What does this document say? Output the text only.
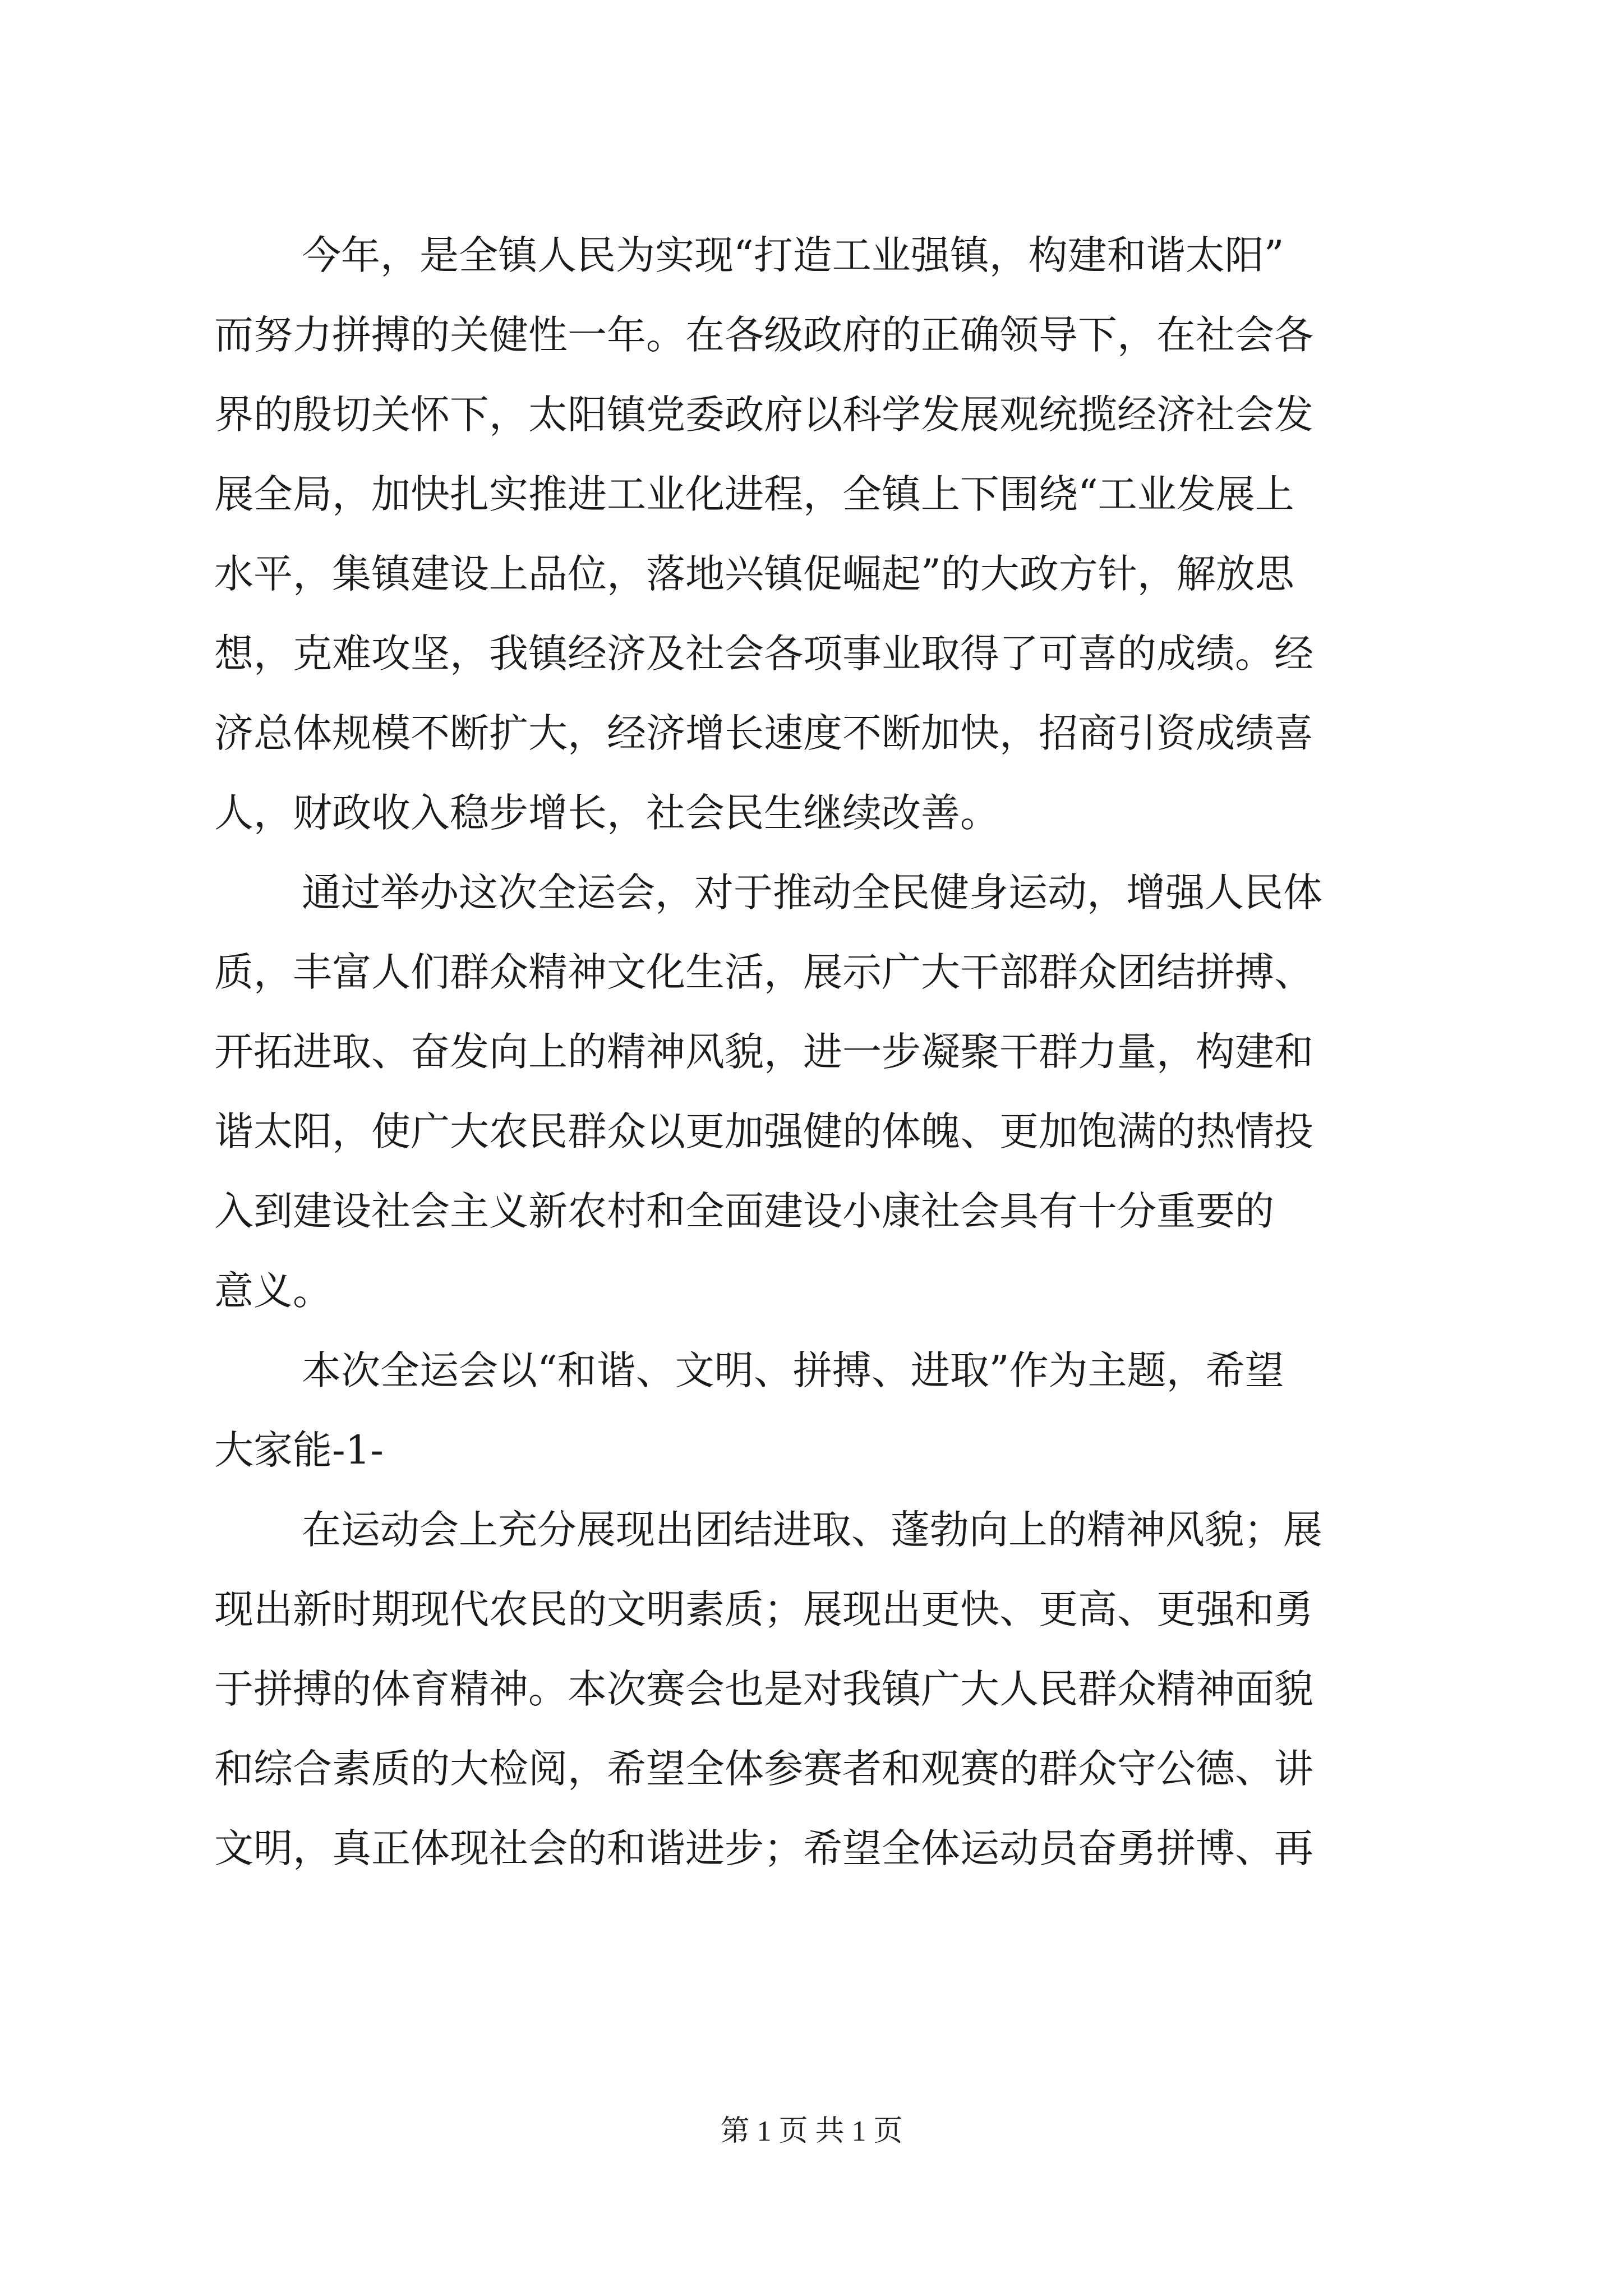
今年，是全镇人民为实现“打造工业强镇，构建和谐太阳”
而努力拼搏的关健性一年。在各级政府的正确领导下，在社会各
界的殷切关怀下，太阳镇党委政府以科学发展观统揽经济社会发
展全局，加快扎实推进工业化进程，全镇上下围绕“工业发展上
水平，集镇建设上品位，落地兴镇促崛起”的大政方针，解放思
想，克难攻坚，我镇经济及社会各项事业取得了可喜的成绩。经
济总体规模不断扩大，经济增长速度不断加快，招商引资成绩喜
人，财政收入稳步增长，社会民生继续改善。
通过举办这次全运会，对于推动全民健身运动，增强人民体
质，丰富人们群众精神文化生活，展示广大干部群众团结拼搏、
开拓进取、奋发向上的精神风貌，进一步凝聚干群力量，构建和
谐太阳，使广大农民群众以更加强健的体魄、更加饱满的热情投
入到建设社会主义新农村和全面建设小康社会具有十分重要的
意义。
本次全运会以“和谐、文明、拼搏、进取”作为主题，希望
大家能-1-
在运动会上充分展现出团结进取、蓬勃向上的精神风貌；展
现出新时期现代农民的文明素质；展现出更快、更高、更强和勇
于拼搏的体育精神。本次赛会也是对我镇广大人民群众精神面貌
和综合素质的大检阅，希望全体参赛者和观赛的群众守公德、讲
文明，真正体现社会的和谐进步；希望全体运动员奋勇拼博、再
第 1 页 共 1 页
